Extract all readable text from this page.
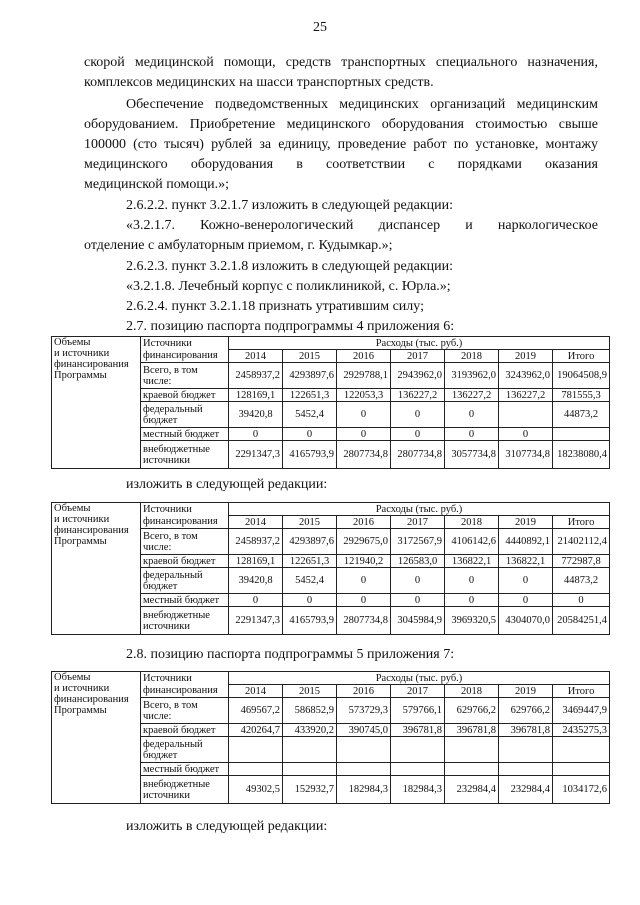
25
скорой медицинской помощи, средств транспортных специального назначения,
комплексов медицинских на шасси транспортных средств.
Обеспечение подведомственных медицинских организаций медицинским
оборудованием. Приобретение медицинского оборудования стоимостью свыше
100000 (сто тысяч) рублей за единицу, проведение работ по установке, монтажу
медицинского оборудования в соответствии с порядками оказания
медицинской помощи.»;
2.6.2.2. пункт 3.2.1.7 изложить в следующей редакции:
«3.2.1.7. Кожно-венерологический диспансер и наркологическое
отделение с амбулаторным приемом, г. Кудымкар.»;
2.6.2.3. пункт 3.2.1.8 изложить в следующей редакции:
«3.2.1.8. Лечебный корпус с поликлиникой, с. Юрла.»;
2.6.2.4. пункт 3.2.1.18 признать утратившим силу;
2.7. позицию паспорта подпрограммы 4 приложения 6:
изложить в следующей редакции:
2.8. позицию паспорта подпрограммы 5 приложения 7:
изложить в следующей редакции:
Объемы
и источники
финансирования
Программы	Источники финансирования	Расходы (тыс. руб.)						
		2014	2015	2016	2017	2018	2019	Итого
	Всего, в том числе:	2458937,2	4293897,6	2929788,1	2943962,0	3193962,0	3243962,0	19064508,9
	краевой бюджет	128169,1	122651,3	122053,3	136227,2	136227,2	136227,2	781555,3
	федеральный бюджет	39420,8	5452,4	0	0	0		44873,2
	местный бюджет	0	0	0	0	0	0	
	внебюджетные источники	2291347,3	4165793,9	2807734,8	2807734,8	3057734,8	3107734,8	18238080,4
Объемы
и источники
финансирования
Программы	Источники финансирования	Расходы (тыс. руб.)						
		2014	2015	2016	2017	2018	2019	Итого
	Всего, в том числе:	2458937,2	4293897,6	2929675,0	3172567,9	4106142,6	4440892,1	21402112,4
	краевой бюджет	128169,1	122651,3	121940,2	126583,0	136822,1	136822,1	772987,8
	федеральный бюджет	39420,8	5452,4	0	0	0	0	44873,2
	местный бюджет	0	0	0	0	0	0	0
	внебюджетные источники	2291347,3	4165793,9	2807734,8	3045984,9	3969320,5	4304070,0	20584251,4
Объемы
и источники
финансирования
Программы	Источники финансирования	Расходы (тыс. руб.)						
		2014	2015	2016	2017	2018	2019	Итого
	Всего, в том числе:	469567,2	586852,9	573729,3	579766,1	629766,2	629766,2	3469447,9
	краевой бюджет	420264,7	433920,2	390745,0	396781,8	396781,8	396781,8	2435275,3
	федеральный бюджет							
	местный бюджет							
	внебюджетные источники	49302,5	152932,7	182984,3	182984,3	232984,4	232984,4	1034172,6
